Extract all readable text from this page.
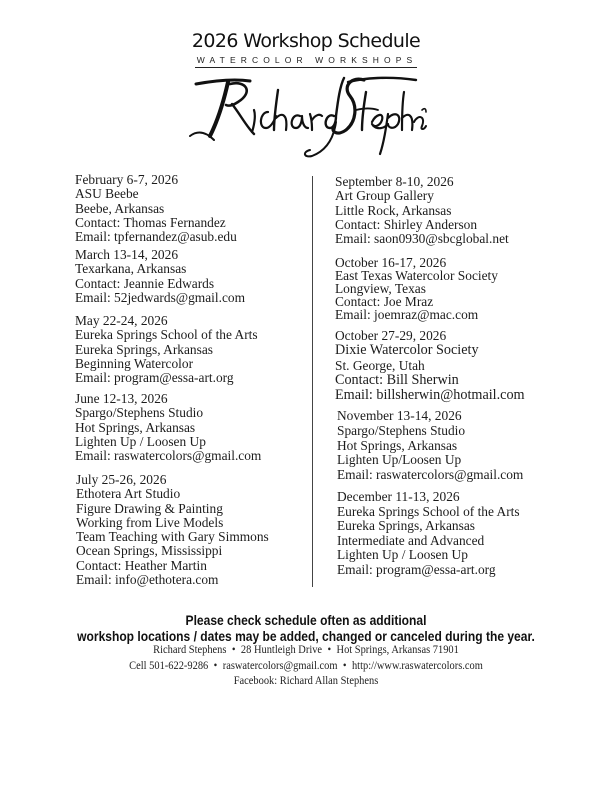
2026 Workshop Schedule
WATERCOLOR WORKSHOPS
February 6-7, 2026
ASU Beebe
Beebe, Arkansas
Contact: Thomas Fernandez
Email: tpfernandez@asub.edu
March 13-14, 2026
Texarkana, Arkansas
Contact: Jeannie Edwards
Email: 52jedwards@gmail.com
May 22-24, 2026
Eureka Springs School of the Arts
Eureka Springs, Arkansas
Beginning Watercolor
Email: program@essa-art.org
June 12-13, 2026
Spargo/Stephens Studio
Hot Springs, Arkansas
Lighten Up / Loosen Up
Email: raswatercolors@gmail.com
July 25-26, 2026
Ethotera Art Studio
Figure Drawing & Painting
Working from Live Models
Team Teaching with Gary Simmons
Ocean Springs, Mississippi
Contact: Heather Martin
Email: info@ethotera.com
September 8-10, 2026
Art Group Gallery
Little Rock, Arkansas
Contact: Shirley Anderson
Email: saon0930@sbcglobal.net
October 16-17, 2026
East Texas Watercolor Society
Longview, Texas
Contact: Joe Mraz
Email: joemraz@mac.com
October 27-29, 2026
Dixie Watercolor Society
St. George, Utah
Contact: Bill Sherwin
Email: billsherwin@hotmail.com
November 13-14, 2026
Spargo/Stephens Studio
Hot Springs, Arkansas
Lighten Up/Loosen Up
Email: raswatercolors@gmail.com
December 11-13, 2026
Eureka Springs School of the Arts
Eureka Springs, Arkansas
Intermediate and Advanced
Lighten Up / Loosen Up
Email: program@essa-art.org
Please check schedule often as additional
workshop locations / dates may be added, changed or canceled during the year.
Richard Stephens • 28 Huntleigh Drive • Hot Springs, Arkansas 71901
Cell 501-622-9286 • raswatercolors@gmail.com • http://www.raswatercolors.com
Facebook: Richard Allan Stephens
